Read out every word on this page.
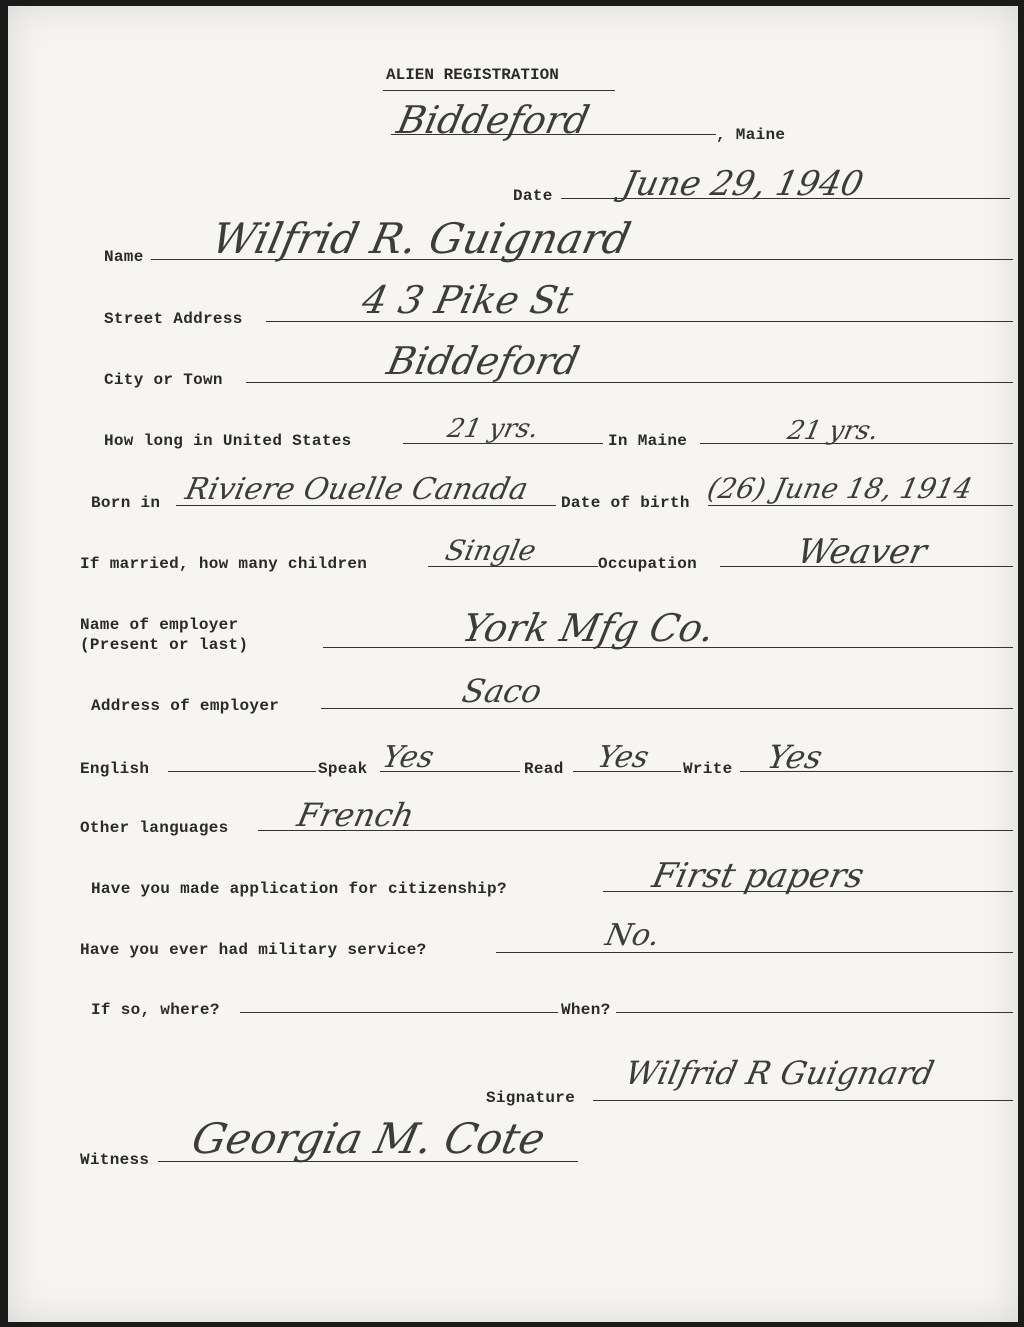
ALIEN REGISTRATION
Biddeford	, Maine
Date June 29, 1940
Name Wilfrid R. Guignard
Street Address	4 3 Pike St
City or Town	Biddeford
How long in United States	21 yrs.	In Maine	21 yrs.
Born in Riviere Ouelle Canada Date of birth (26) June 18, 1914
If married, how many children	Single	Occupation	Weaver
Name of employer
(Present or last)	York Mfg Co.
Address of employer	Saco
English	Speak Yes	Read Yes Write Yes
Other languages French
Have you made application for citizenship?	First papers
Have you ever had military service?	No.
If so, where?	When?
Signature
Wilfrid R Guignard
Witness Georgia M. Cote
